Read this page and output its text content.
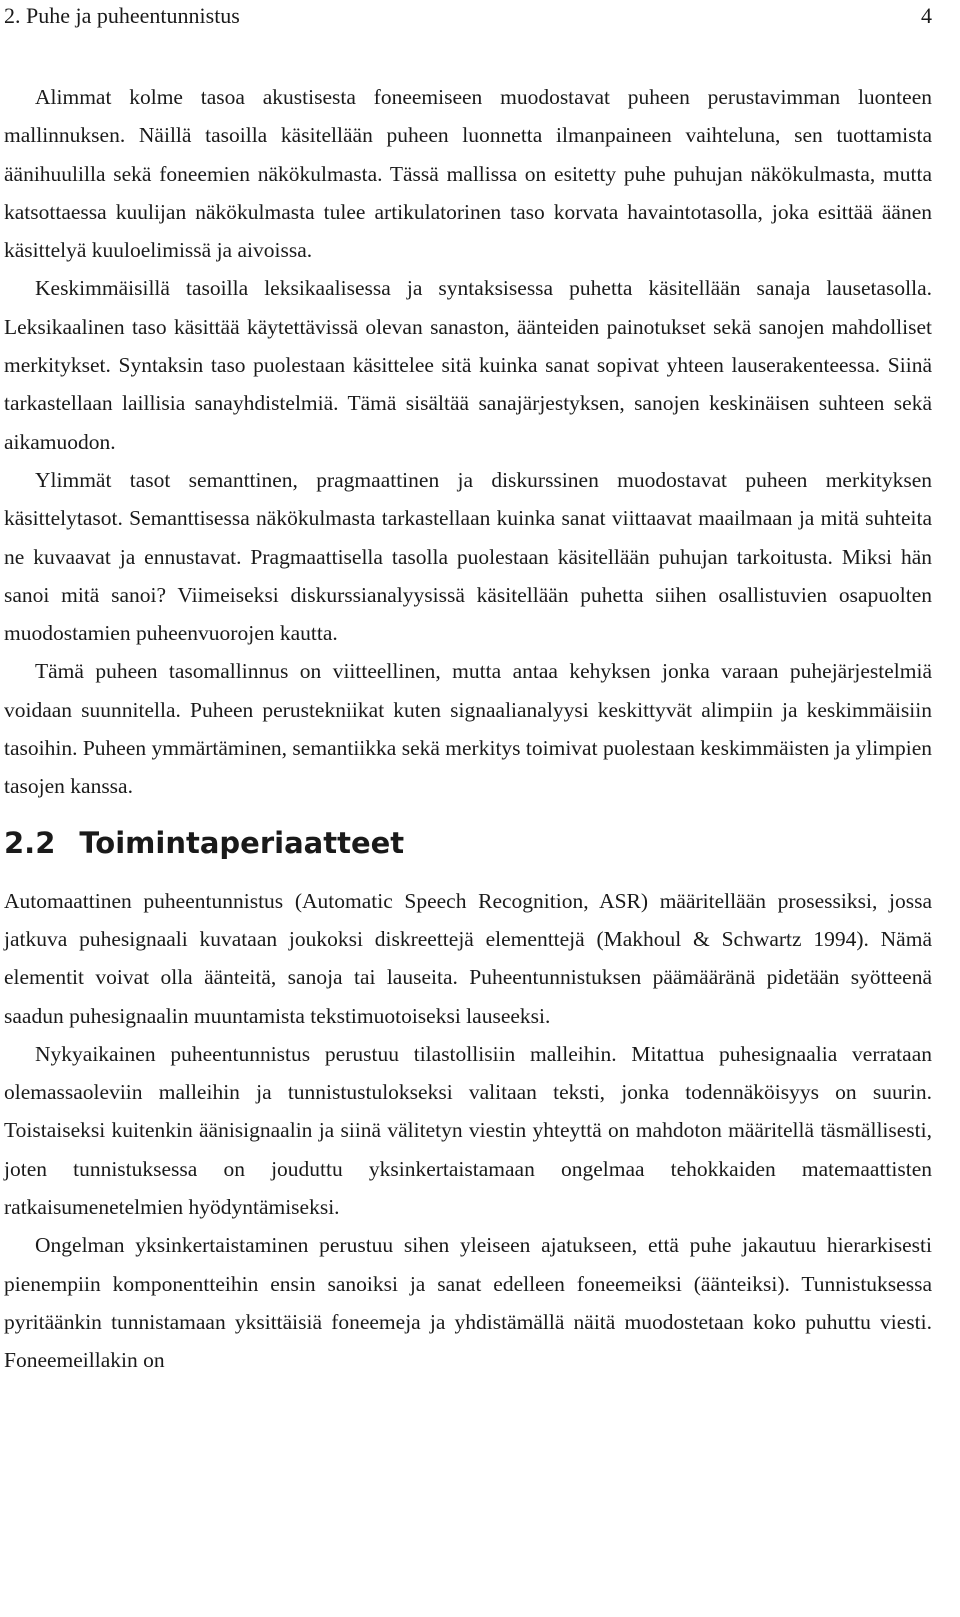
2. Puhe ja puheentunnistus	4

Alimmat kolme tasoa akustisesta foneemiseen muodostavat puheen perustavimman luonteen mallinnuksen. Näillä tasoilla käsitellään puheen luonnetta ilmanpaineen vaihteluna, sen tuottamista äänihuulilla sekä foneemien näkökulmasta. Tässä mallissa on esitetty puhe puhujan näkökulmasta, mutta katsottaessa kuulijan näkökulmasta tulee artikulatorinen taso korvata havaintotasolla, joka esittää äänen käsittelyä kuuloelimissä ja aivoissa.

Keskimmäisillä tasoilla leksikaalisessa ja syntaksisessa puhetta käsitellään sanaja lausetasolla. Leksikaalinen taso käsittää käytettävissä olevan sanaston, äänteiden painotukset sekä sanojen mahdolliset merkitykset. Syntaksin taso puolestaan käsittelee sitä kuinka sanat sopivat yhteen lauserakenteessa. Siinä tarkastellaan laillisia sanayhdistelmiä. Tämä sisältää sanajärjestyksen, sanojen keskinäisen suhteen sekä aikamuodon.

Ylimmät tasot semanttinen, pragmaattinen ja diskurssinen muodostavat puheen merkityksen käsittelytasot. Semanttisessa näkökulmasta tarkastellaan kuinka sanat viittaavat maailmaan ja mitä suhteita ne kuvaavat ja ennustavat. Pragmaattisella tasolla puolestaan käsitellään puhujan tarkoitusta. Miksi hän sanoi mitä sanoi? Viimeiseksi diskurssianalyysissä käsitellään puhetta siihen osallistuvien osapuolten muodostamien puheenvuorojen kautta.

Tämä puheen tasomallinnus on viitteellinen, mutta antaa kehyksen jonka varaan puhejärjestelmiä voidaan suunnitella. Puheen perustekniikat kuten signaalianalyysi keskittyvät alimpiin ja keskimmäisiin tasoihin. Puheen ymmärtäminen, semantiikka sekä merkitys toimivat puolestaan keskimmäisten ja ylimpien tasojen kanssa.

2.2 Toimintaperiaatteet

Automaattinen puheentunnistus (Automatic Speech Recognition, ASR) määritellään prosessiksi, jossa jatkuva puhesignaali kuvataan joukoksi diskreettejä elementtejä (Makhoul & Schwartz 1994). Nämä elementit voivat olla äänteitä, sanoja tai lauseita. Puheentunnistuksen päämääränä pidetään syötteenä saadun puhesignaalin muuntamista tekstimuotoiseksi lauseeksi.

Nykyaikainen puheentunnistus perustuu tilastollisiin malleihin. Mitattua puhesignaalia verrataan olemassaoleviin malleihin ja tunnistustulokseksi valitaan teksti, jonka todennäköisyys on suurin. Toistaiseksi kuitenkin äänisignaalin ja siinä välitetyn viestin yhteyttä on mahdoton määritellä täsmällisesti, joten tunnistuksessa on jouduttu yksinkertaistamaan ongelmaa tehokkaiden matemaattisten ratkaisumenetelmien hyödyntämiseksi.

Ongelman yksinkertaistaminen perustuu sihen yleiseen ajatukseen, että puhe jakautuu hierarkisesti pienempiin komponentteihin ensin sanoiksi ja sanat edelleen foneemeiksi (äänteiksi). Tunnistuksessa pyritäänkin tunnistamaan yksittäisiä foneemeja ja yhdistämällä näitä muodostetaan koko puhuttu viesti. Foneemeillakin on
